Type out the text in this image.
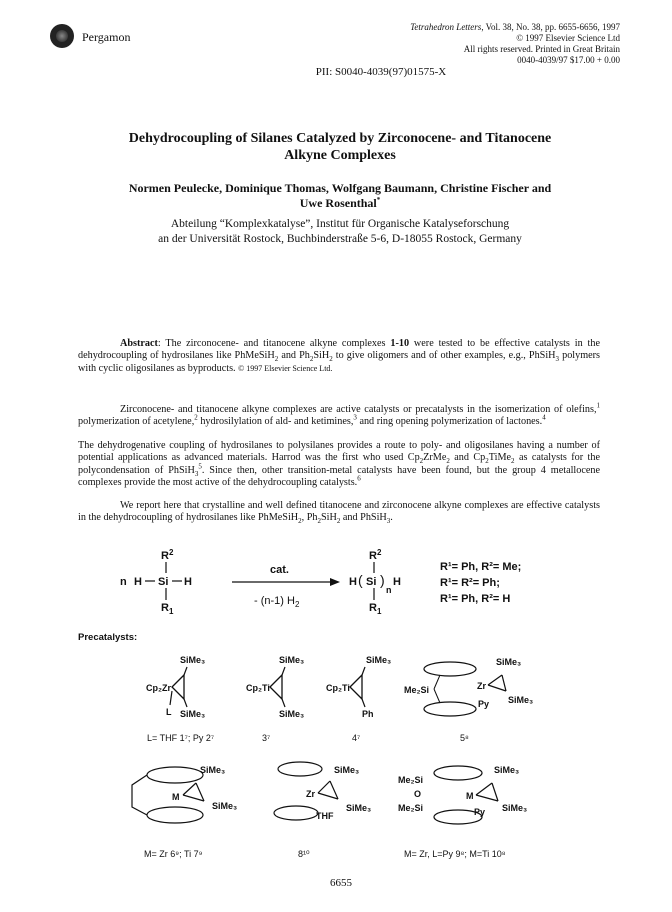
Pergamon
Tetrahedron Letters, Vol. 38, No. 38, pp. 6655-6656, 1997
© 1997 Elsevier Science Ltd
All rights reserved. Printed in Great Britain
0040-4039/97 $17.00 + 0.00
PII: S0040-4039(97)01575-X
Dehydrocoupling of Silanes Catalyzed by Zirconocene- and Titanocene
Alkyne Complexes
Normen Peulecke, Dominique Thomas, Wolfgang Baumann, Christine Fischer and
Uwe Rosenthal*
Abteilung “Komplexkatalyse”, Institut für Organische Katalyseforschung
an der Universität Rostock, Buchbinderstraße 5-6, D-18055 Rostock, Germany
Abstract: The zirconocene- and titanocene alkyne complexes 1-10 were tested to be effective catalysts in the dehydrocoupling of hydrosilanes like PhMeSiH$_2$ and $Ph_2SiH_2$ to give oligomers and of other examples, e.g., PhSiH$_3$ polymers with cyclic oligosilanes as byproducts. © 1997 Elsevier Science Ltd.
Zirconocene- and titanocene alkyne complexes are active catalysts or precatalysts in the isomerization of olefins,$^1$ polymerization of acetylene,$^2$ hydrosilylation of ald- and ketimines,$^3$ and ring opening polymerization of lactones.$^4$
The dehydrogenative coupling of hydrosilanes to polysilanes provides a route to poly- and oligosilanes having a number of potential applications as advanced materials. Harrod was the first who used $Cp_2ZrMe_2$ and $Cp_2TiMe_2$ as catalysts for the polycondensation of PhSiH$_3^5$. Since then, other transition-metal catalysts have been found, but the group 4 metallocene complexes provide the most active of the dehydrocoupling catalysts.$^6$
We report here that crystalline and well defined titanocene and zirconocene alkyne complexes are effective catalysts in the dehydrocoupling of hydrosilanes like PhMeSiH$_2$, $Ph_2SiH_2$ and PhSiH$_3$.
n H Si H
$R^2$
$R_1$
cat.
- (n-1) $H_2$
H ( Si )
n
H
$R^2$
$R_1$
R¹= Ph, R²= Me;
R¹= R²= Ph;
R¹= Ph, R²= H
Precatalysts:
SiMe₃
Cp₂Zr
L SiMe₃
L= THF 1⁷; Py 2⁷
SiMe₃
Cp₂Ti
SiMe₃
3⁷
SiMe₃
Cp₂Ti
Ph
4⁷
Me₂Si	Zr
SiMe₃
SiMe₃
Py
5⁸
M
SiMe₃
SiMe₃
M= Zr 6⁹; Ti 7⁹
Zr
SiMe₃
SiMe₃
THF
8¹⁰
Me₂Si
O
Me₂Si
M
SiMe₃
SiMe₃
Py
M= Zr, L=Py 9⁸; M=Ti 10⁸
6655
